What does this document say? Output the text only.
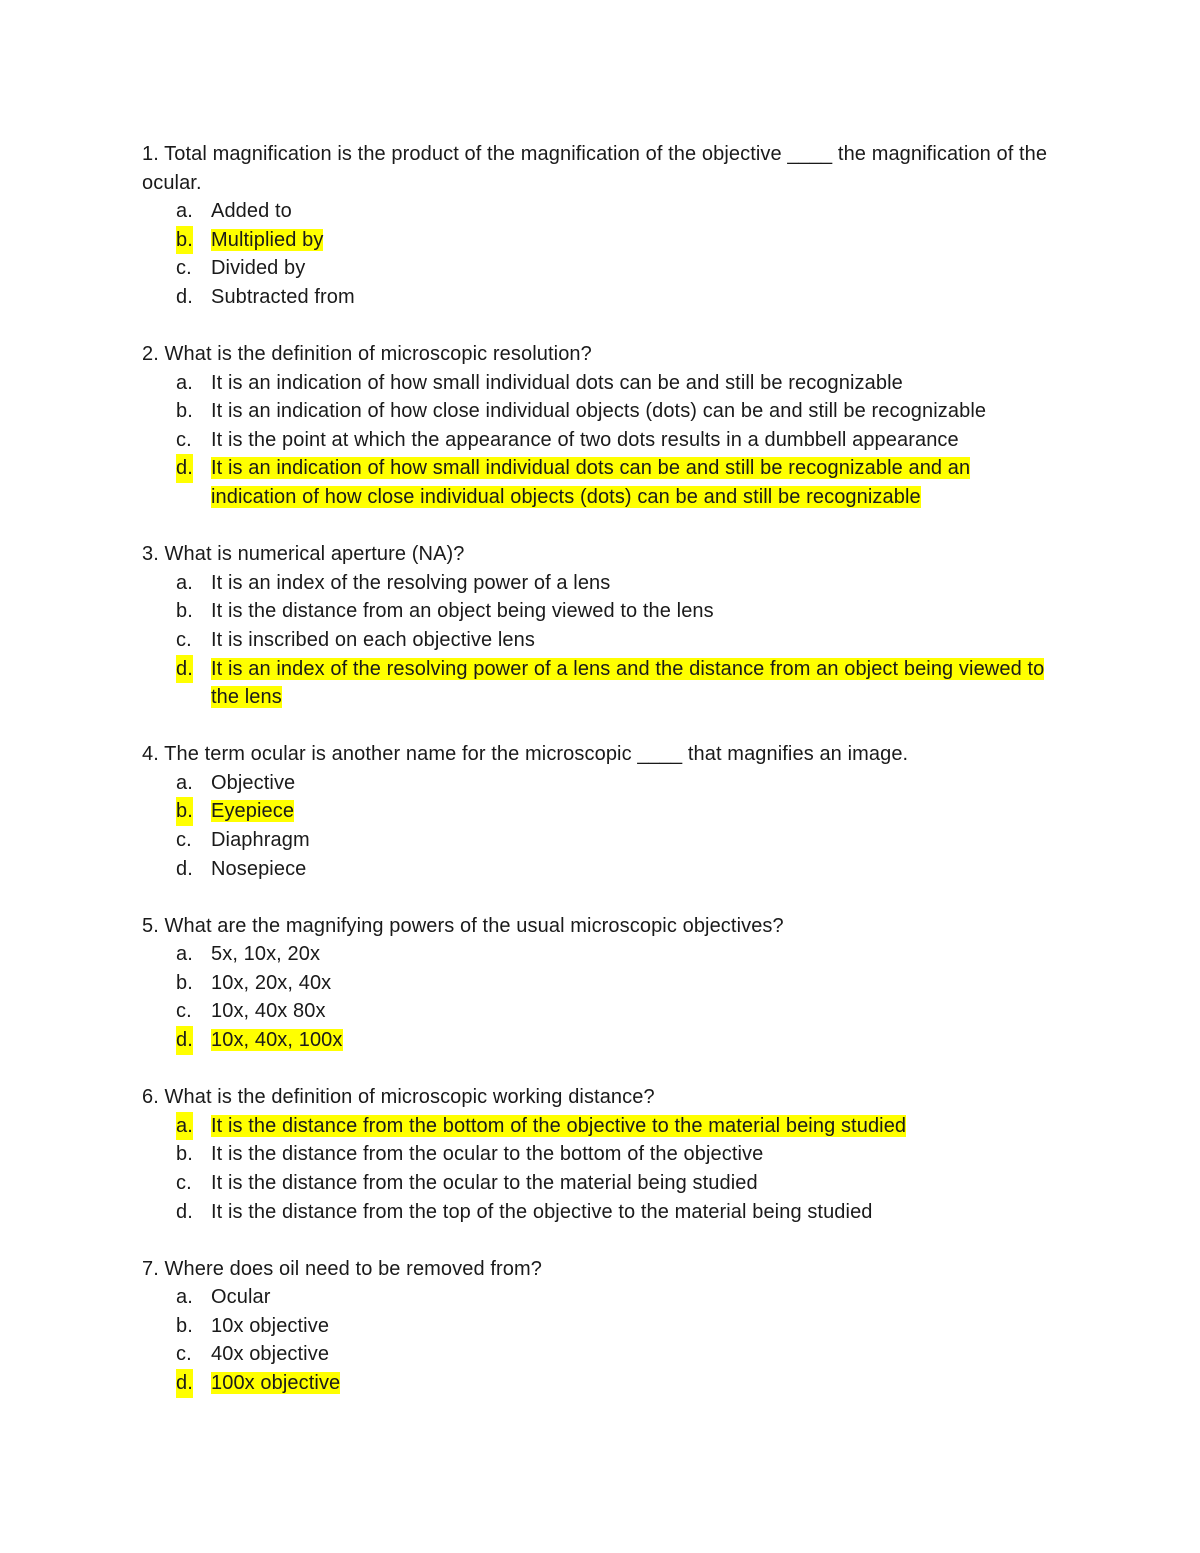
1. Total magnification is the product of the magnification of the objective ____ the magnification of the ocular.

a. Added to
b. Multiplied by
c. Divided by
d. Subtracted from

2. What is the definition of microscopic resolution?

a. It is an indication of how small individual dots can be and still be recognizable
b. It is an indication of how close individual objects (dots) can be and still be recognizable
c. It is the point at which the appearance of two dots results in a dumbbell appearance
d. It is an indication of how small individual dots can be and still be recognizable and an indication of how close individual objects (dots) can be and still be recognizable

3. What is numerical aperture (NA)?

a. It is an index of the resolving power of a lens
b. It is the distance from an object being viewed to the lens
c. It is inscribed on each objective lens
d. It is an index of the resolving power of a lens and the distance from an object being viewed to the lens

4. The term ocular is another name for the microscopic ____ that magnifies an image.

a. Objective
b. Eyepiece
c. Diaphragm
d. Nosepiece

5. What are the magnifying powers of the usual microscopic objectives?

a. 5x, 10x, 20x
b. 10x, 20x, 40x
c. 10x, 40x 80x
d. 10x, 40x, 100x

6. What is the definition of microscopic working distance?

a. It is the distance from the bottom of the objective to the material being studied
b. It is the distance from the ocular to the bottom of the objective
c. It is the distance from the ocular to the material being studied
d. It is the distance from the top of the objective to the material being studied

7. Where does oil need to be removed from?

a. Ocular
b. 10x objective
c. 40x objective
d. 100x objective
